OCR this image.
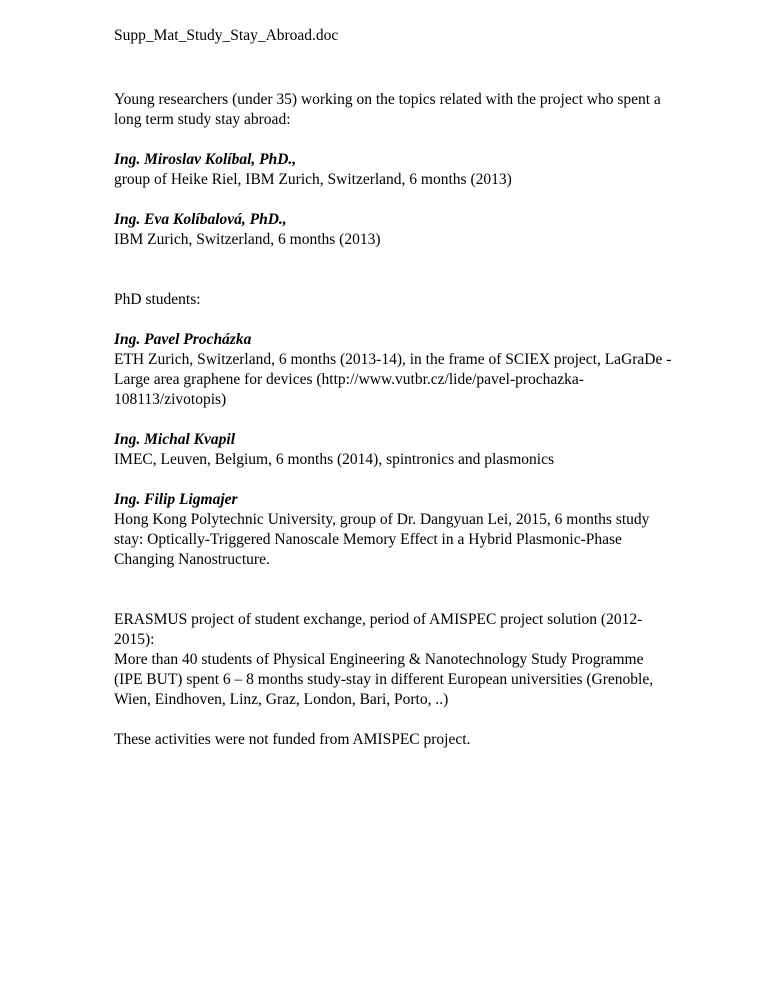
Supp_Mat_Study_Stay_Abroad.doc
Young researchers (under 35) working on the topics related with the project who spent a
long term study stay abroad:
Ing. Miroslav Kolíbal, PhD.,
group of Heike Riel, IBM Zurich, Switzerland, 6 months (2013)
Ing. Eva Kolíbalová, PhD.,
IBM Zurich, Switzerland, 6 months (2013)
PhD students:
Ing. Pavel Procházka
ETH Zurich, Switzerland, 6 months (2013-14), in the frame of SCIEX project, LaGraDe -
Large area graphene for devices (http://www.vutbr.cz/lide/pavel-prochazka-
108113/zivotopis)
Ing. Michal Kvapil
IMEC, Leuven, Belgium, 6 months (2014), spintronics and plasmonics
Ing. Filip Ligmajer
Hong Kong Polytechnic University, group of Dr. Dangyuan Lei, 2015, 6 months study
stay: Optically-Triggered Nanoscale Memory Effect in a Hybrid Plasmonic-Phase
Changing Nanostructure.
ERASMUS project of student exchange, period of AMISPEC project solution (2012-
2015):
More than 40 students of Physical Engineering & Nanotechnology Study Programme
(IPE BUT) spent 6 – 8 months study-stay in different European universities (Grenoble,
Wien, Eindhoven, Linz, Graz, London, Bari, Porto, ..)
These activities were not funded from AMISPEC project.
